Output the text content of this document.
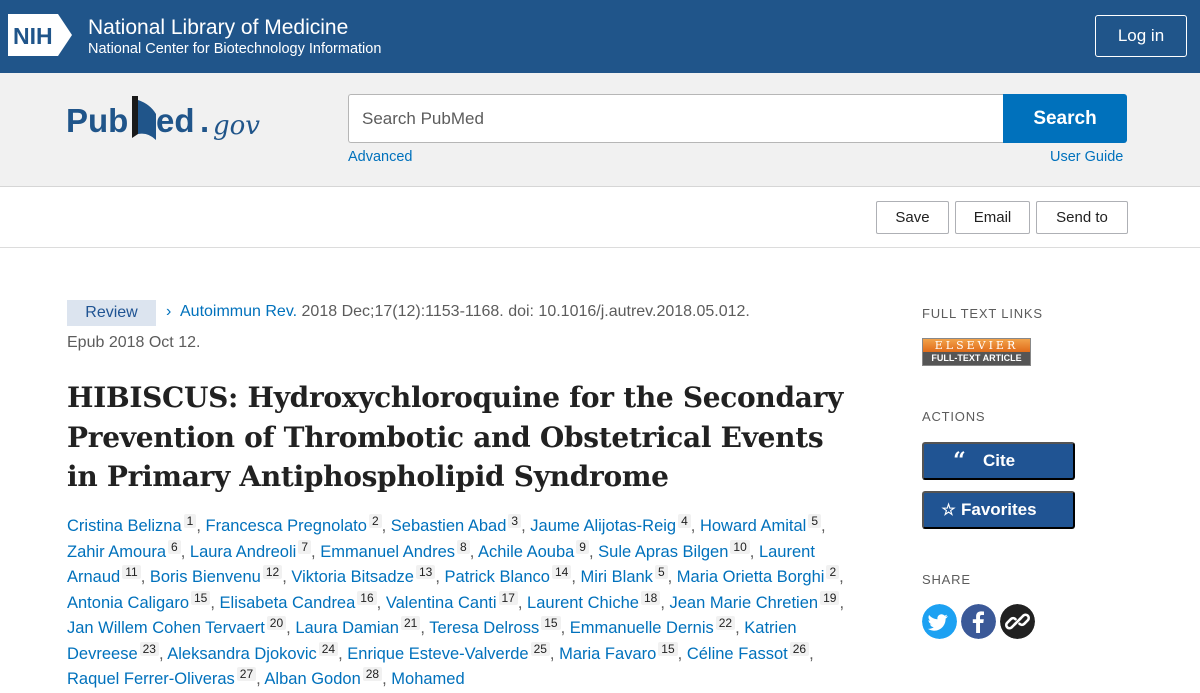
NIH National Library of Medicine
National Center for Biotechnology Information
Log in
Pub ed . gov
Search PubMed	Search
Advanced	User Guide
Save	Email	Send to
Review	› Autoimmun Rev. 2018 Dec;17(12):1153-1168. doi: 10.1016/j.autrev.2018.05.012.
Epub 2018 Oct 12.
HIBISCUS: Hydroxychloroquine for the Secondary Prevention of Thrombotic and Obstetrical Events in Primary Antiphospholipid Syndrome
Cristina Belizna 1 , Francesca Pregnolato 2 , Sebastien Abad 3 , Jaume Alijotas-Reig 4 , Howard Amital 5 , Zahir Amoura 6 , Laura Andreoli 7 , Emmanuel Andres 8 , Achile Aouba 9 , Sule Apras Bilgen 10 , Laurent Arnaud 11 , Boris Bienvenu 12 , Viktoria Bitsadze 13 , Patrick Blanco 14 , Miri Blank 5 , Maria Orietta Borghi 2 , Antonia Caligaro 15 , Elisabeta Candrea 16 , Valentina Canti 17 , Laurent Chiche 18 , Jean Marie Chretien 19 , Jan Willem Cohen Tervaert 20 , Laura Damian 21 , Teresa Delross 15 , Emmanuelle Dernis 22 , Katrien Devreese 23 , Aleksandra Djokovic 24 , Enrique Esteve-Valverde 25 , Maria Favaro 15 , Céline Fassot 26 , Raquel Ferrer-Oliveras 27 , Alban Godon 28 , Mohamed
FULL TEXT LINKS
ELSEVIER
FULL-TEXT ARTICLE
ACTIONS
“	Cite
☆ Favorites
SHARE
